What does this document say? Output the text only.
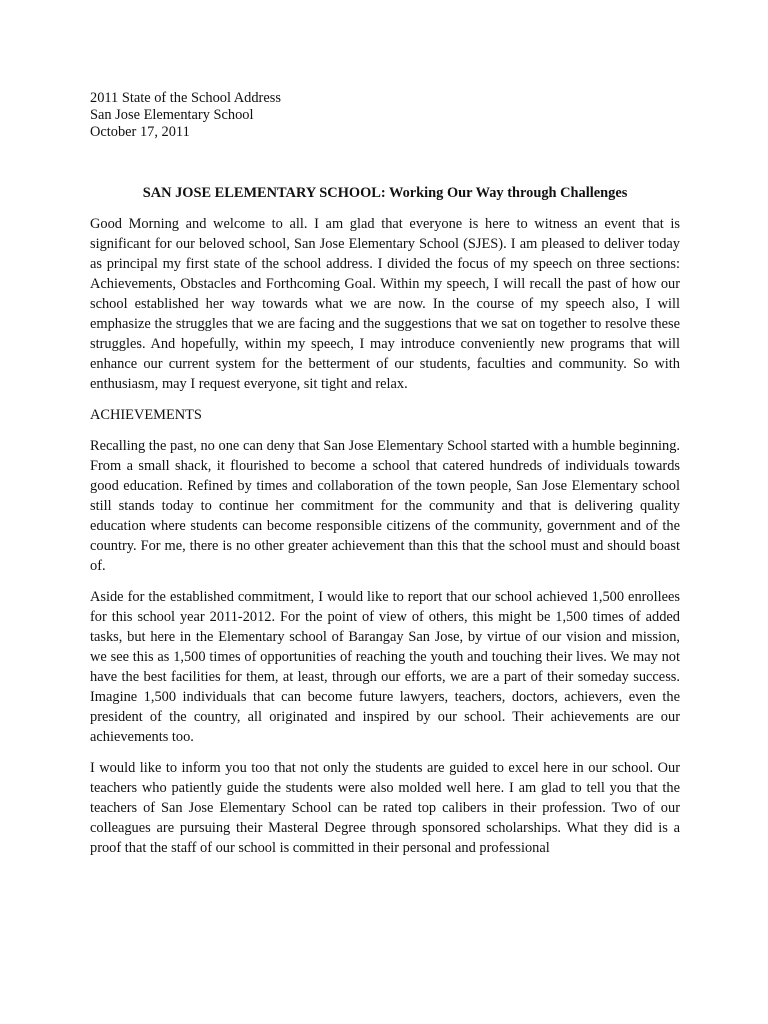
2011 State of the School Address
San Jose Elementary School
October 17, 2011
SAN JOSE ELEMENTARY SCHOOL: Working Our Way through Challenges

Good Morning and welcome to all. I am glad that everyone is here to witness an event that is significant for our beloved school, San Jose Elementary School (SJES). I am pleased to deliver today as principal my first state of the school address. I divided the focus of my speech on three sections: Achievements, Obstacles and Forthcoming Goal. Within my speech, I will recall the past of how our school established her way towards what we are now. In the course of my speech also, I will emphasize the struggles that we are facing and the suggestions that we sat on together to resolve these struggles. And hopefully, within my speech, I may introduce conveniently new programs that will enhance our current system for the betterment of our students, faculties and community. So with enthusiasm, may I request everyone, sit tight and relax.

ACHIEVEMENTS

Recalling the past, no one can deny that San Jose Elementary School started with a humble beginning. From a small shack, it flourished to become a school that catered hundreds of individuals towards good education. Refined by times and collaboration of the town people, San Jose Elementary school still stands today to continue her commitment for the community and that is delivering quality education where students can become responsible citizens of the community, government and of the country. For me, there is no other greater achievement than this that the school must and should boast of.

Aside for the established commitment, I would like to report that our school achieved 1,500 enrollees for this school year 2011-2012. For the point of view of others, this might be 1,500 times of added tasks, but here in the Elementary school of Barangay San Jose, by virtue of our vision and mission, we see this as 1,500 times of opportunities of reaching the youth and touching their lives. We may not have the best facilities for them, at least, through our efforts, we are a part of their someday success. Imagine 1,500 individuals that can become future lawyers, teachers, doctors, achievers, even the president of the country, all originated and inspired by our school. Their achievements are our achievements too.

I would like to inform you too that not only the students are guided to excel here in our school. Our teachers who patiently guide the students were also molded well here. I am glad to tell you that the teachers of San Jose Elementary School can be rated top calibers in their profession. Two of our colleagues are pursuing their Masteral Degree through sponsored scholarships. What they did is a proof that the staff of our school is committed in their personal and professional
